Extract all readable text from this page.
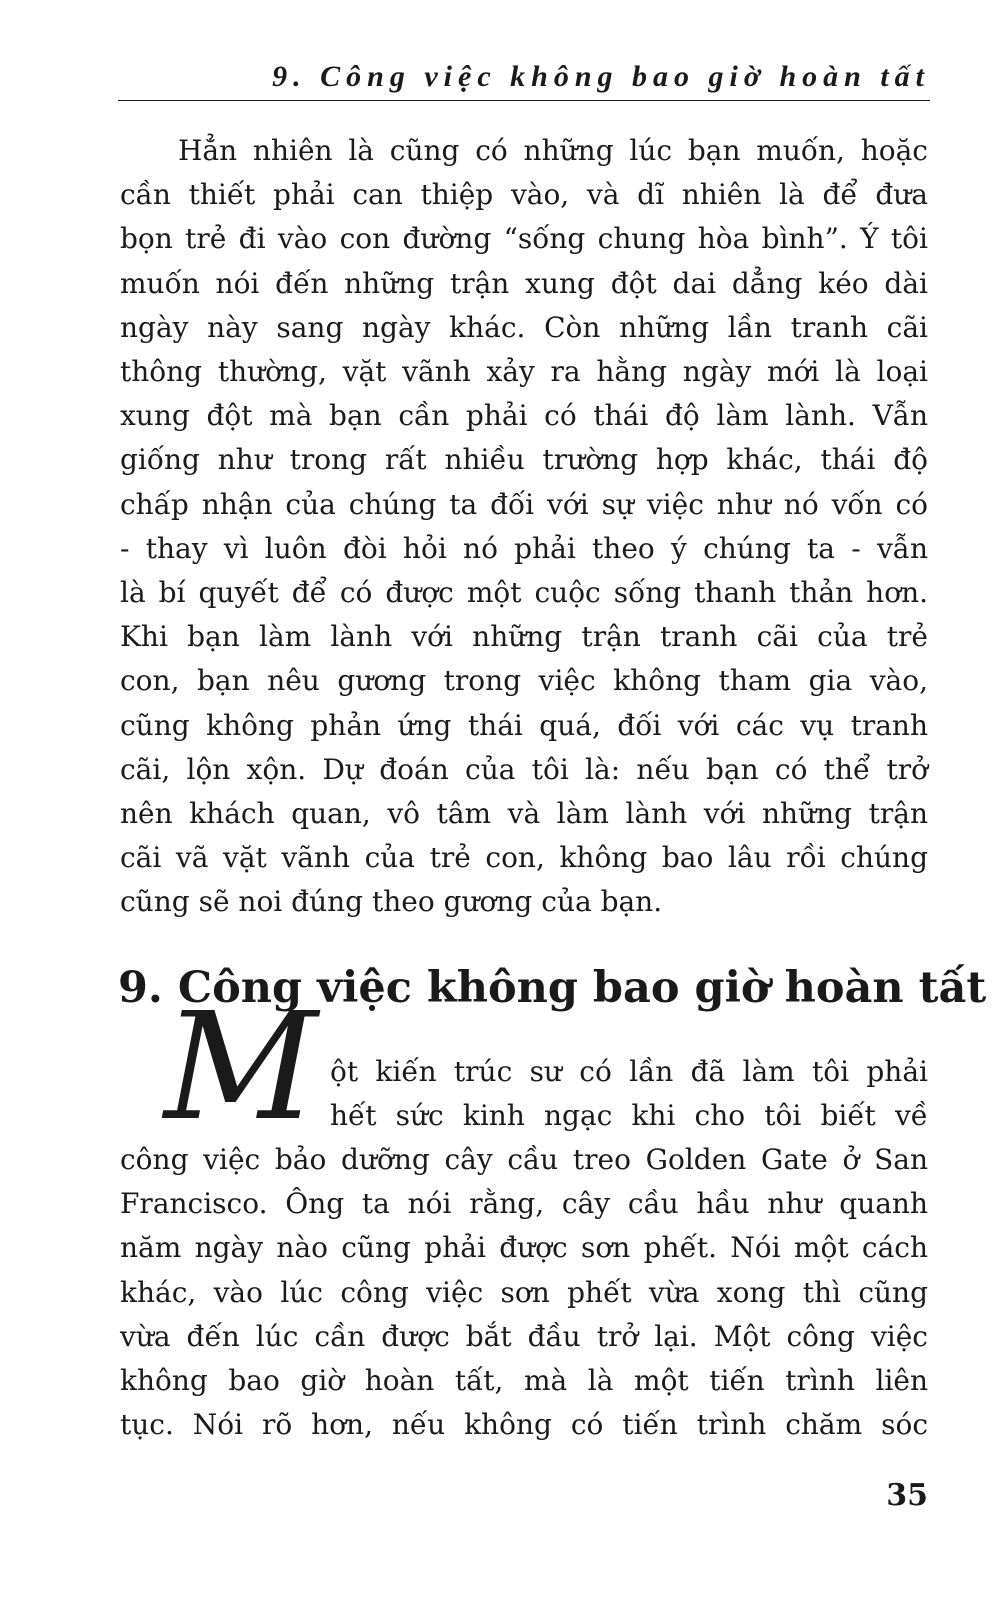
9. Công việc không bao giờ hoàn tất
Hẳn nhiên là cũng có những lúc bạn muốn, hoặc
cần thiết phải can thiệp vào, và dĩ nhiên là để đưa
bọn trẻ đi vào con đường “sống chung hòa bình”. Ý tôi
muốn nói đến những trận xung đột dai dẳng kéo dài
ngày này sang ngày khác. Còn những lần tranh cãi
thông thường, vặt vãnh xảy ra hằng ngày mới là loại
xung đột mà bạn cần phải có thái độ làm lành. Vẫn
giống như trong rất nhiều trường hợp khác, thái độ
chấp nhận của chúng ta đối với sự việc như nó vốn có
- thay vì luôn đòi hỏi nó phải theo ý chúng ta - vẫn
là bí quyết để có được một cuộc sống thanh thản hơn.
Khi bạn làm lành với những trận tranh cãi của trẻ
con, bạn nêu gương trong việc không tham gia vào,
cũng không phản ứng thái quá, đối với các vụ tranh
cãi, lộn xộn. Dự đoán của tôi là: nếu bạn có thể trở
nên khách quan, vô tâm và làm lành với những trận
cãi vã vặt vãnh của trẻ con, không bao lâu rồi chúng
cũng sẽ noi đúng theo gương của bạn.
9. Công việc không bao giờ hoàn tất
M ột kiến trúc sư có lần đã làm tôi phải
hết sức kinh ngạc khi cho tôi biết về
công việc bảo dưỡng cây cầu treo Golden Gate ở San
Francisco. Ông ta nói rằng, cây cầu hầu như quanh
năm ngày nào cũng phải được sơn phết. Nói một cách
khác, vào lúc công việc sơn phết vừa xong thì cũng
vừa đến lúc cần được bắt đầu trở lại. Một công việc
không bao giờ hoàn tất, mà là một tiến trình liên
tục. Nói rõ hơn, nếu không có tiến trình chăm sóc
35
